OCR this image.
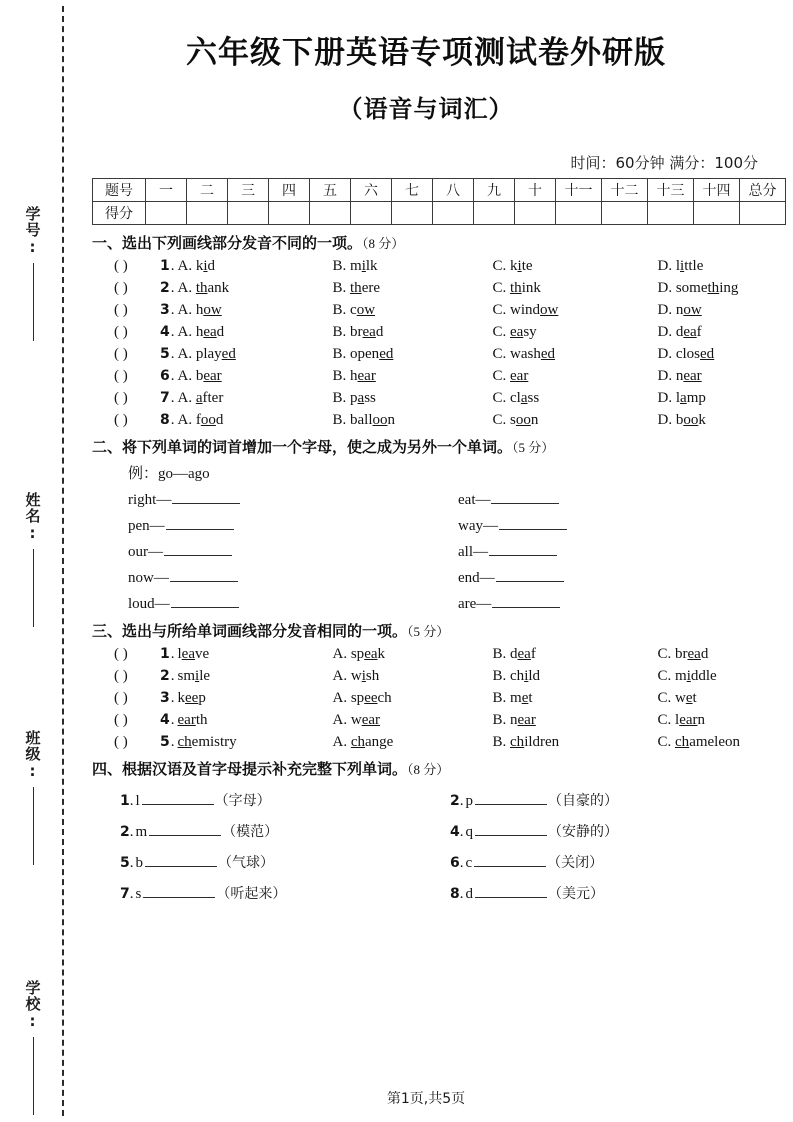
学号:
姓名:
班级:
学校:
六年级下册英语专项测试卷外研版
（语音与词汇）
时间：60分钟 满分：100分
题号	一	二	三	四	五	六	七	八	九	十	十一	十二	十三	十四	总分
得分															
一、选出下列画线部分发音不同的一项。（8 分）
( )	1 . A. kid	B. milk	C. kite	D. little
( )	2 . A. thank	B. there	C. think	D. something
( )	3 . A. how	B. cow	C. window	D. now
( )	4 . A. head	B. bread	C. easy	D. deaf
( )	5 . A. played	B. opened	C. washed	D. closed
( )	6 . A. bear	B. hear	C. ear	D. near
( )	7 . A. after	B. pass	C. class	D. lamp
( )	8 . A. food	B. balloon	C. soon	D. book
二、将下列单词的词首增加一个字母，使之成为另外一个单词。（5 分）
例：go—ago
right—	eat—
pen—	way—
our—	all—
now—	end—
loud—	are—
三、选出与所给单词画线部分发音相同的一项。（5 分）
( )	1 . leave	A. speak	B. deaf	C. bread
( )	2 . smile	A. wish	B. child	C. middle
( )	3 . keep	A. speech	B. met	C. wet
( )	4 . earth	A. wear	B. near	C. learn
( )	5 . chemistry	A. change	B. children	C. chameleon
四、根据汉语及首字母提示补充完整下列单词。（8 分）
1 . l	（字母）	2 . p	（自豪的）
2 . m	（模范）	4 . q	（安静的）
5 . b	（气球）	6 . c	（关闭）
7 . s	（听起来）	8 . d	（美元）
第1页,共5页
